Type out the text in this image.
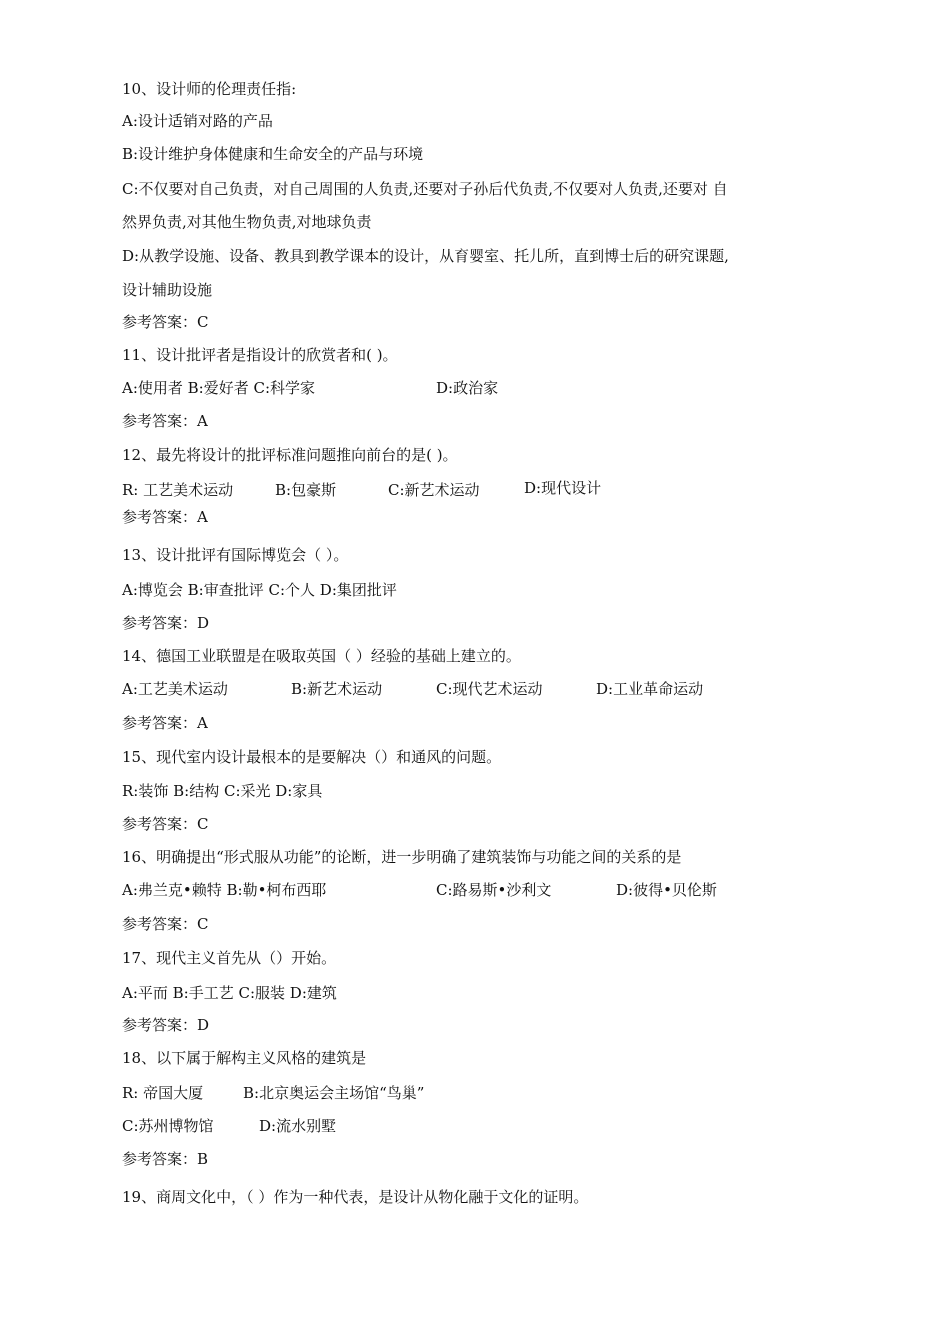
10、设计师的伦理责任指:
A:设计适销对路的产品
B:设计维护身体健康和生命安全的产品与环境
C:不仅要对自己负责，对自己周围的人负责,还要对子孙后代负责,不仅要对人负责,还要对 自
然界负责,对其他生物负责,对地球负责
D:从教学设施、设备、教具到教学课本的设计，从育婴室、托儿所，直到博士后的研究课题,
设计辅助设施
参考答案：C
11、设计批评者是指设计的欣赏者和( )。
A:使用者 B:爱好者 C:科学家	D:政治家
参考答案：A
12、最先将设计的批评标准问题推向前台的是( )。
R: 工艺美术运动	B:包豪斯	C:新艺术运动	D:现代设计
参考答案：A
13、设计批评有国际博览会（ ）。
A:博览会 B:审查批评 C:个人 D:集团批评
参考答案：D
14、德国工业联盟是在吸取英国（ ）经验的基础上建立的。
A:工艺美术运动	B:新艺术运动	C:现代艺术运动	D:工业革命运动
参考答案：A
15、现代室内设计最根本的是要解决（）和通风的问题。
R:装饰 B:结构 C:采光 D:家具
参考答案：C
16、明确提出“形式服从功能”的论断，进一步明确了建筑装饰与功能之间的关系的是
A:弗兰克•赖特 B:勒•柯布西耶	C:路易斯•沙利文	D:彼得•贝伦斯
参考答案：C
17、现代主义首先从（）开始。
A:平而 B:手工艺 C:服装 D:建筑
参考答案：D
18、以下属于解构主义风格的建筑是
R: 帝国大厦	B:北京奥运会主场馆“鸟巢”
C:苏州博物馆	D:流水别墅
参考答案：B
19、商周文化中，（ ）作为一种代表，是设计从物化融于文化的证明。
